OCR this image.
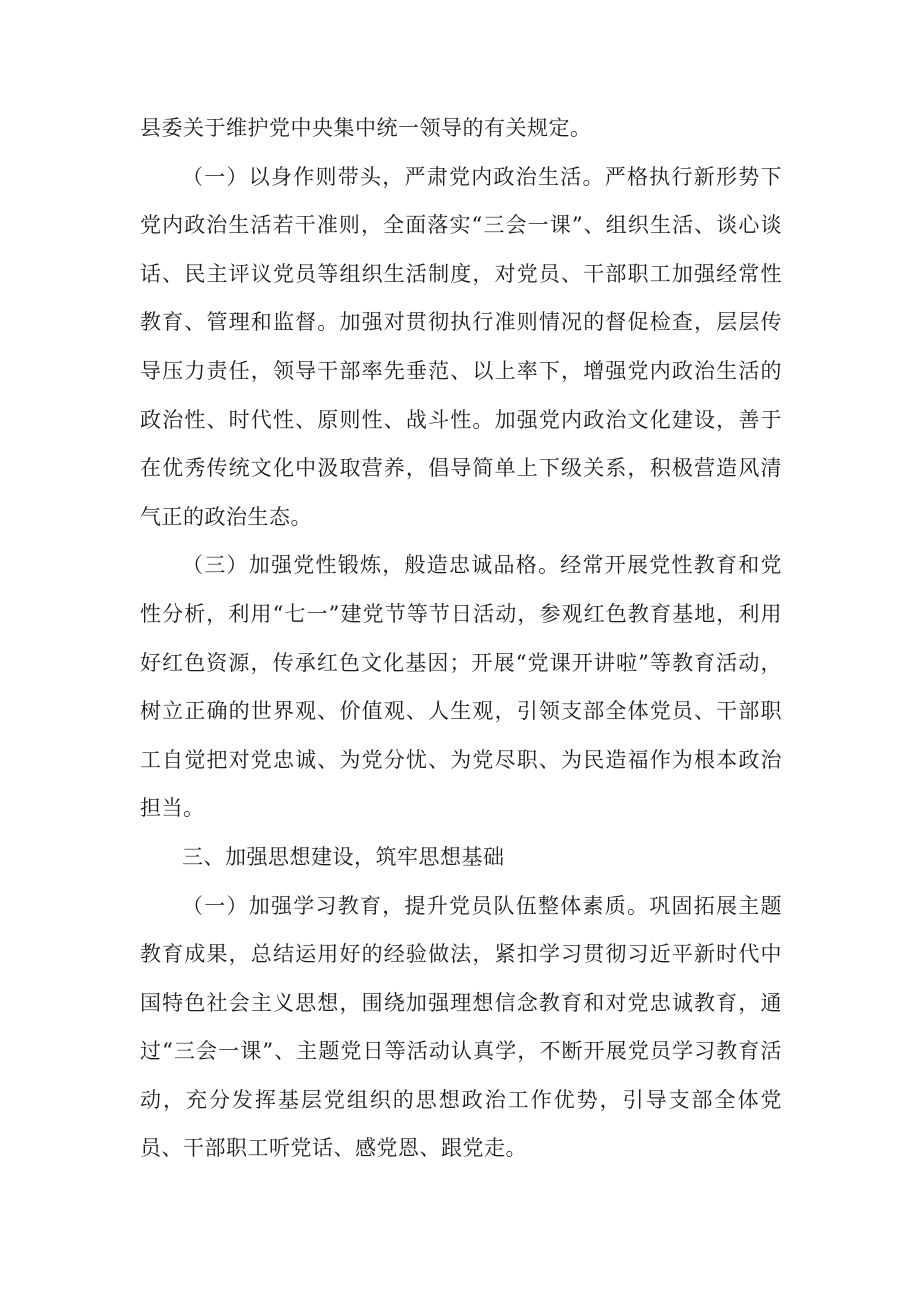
县委关于维护党中央集中统一领导的有关规定。

（一）以身作则带头，严肃党内政治生活。严格执行新形势下党内政治生活若干准则，全面落实“三会一课”、组织生活、谈心谈话、民主评议党员等组织生活制度，对党员、干部职工加强经常性教育、管理和监督。加强对贯彻执行准则情况的督促检查，层层传导压力责任，领导干部率先垂范、以上率下，增强党内政治生活的政治性、时代性、原则性、战斗性。加强党内政治文化建设，善于在优秀传统文化中汲取营养，倡导简单上下级关系，积极营造风清气正的政治生态。

（三）加强党性锻炼，般造忠诚品格。经常开展党性教育和党性分析，利用“七一”建党节等节日活动，参观红色教育基地，利用好红色资源，传承红色文化基因；开展“党课开讲啦”等教育活动，树立正确的世界观、价值观、人生观，引领支部全体党员、干部职工自觉把对党忠诚、为党分忧、为党尽职、为民造福作为根本政治担当。

三、加强思想建设，筑牢思想基础

（一）加强学习教育，提升党员队伍整体素质。巩固拓展主题教育成果，总结运用好的经验做法，紧扣学习贯彻习近平新时代中国特色社会主义思想，围绕加强理想信念教育和对党忠诚教育，通过“三会一课”、主题党日等活动认真学，不断开展党员学习教育活动，充分发挥基层党组织的思想政治工作优势，引导支部全体党员、干部职工听党话、感党恩、跟党走。
